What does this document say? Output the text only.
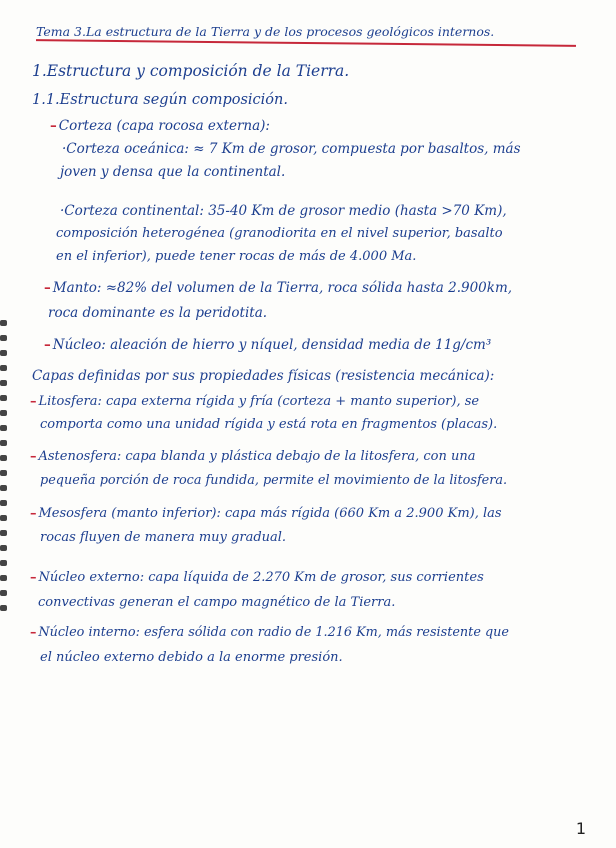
Tema 3.La estructura de la Tierra y de los procesos geológicos internos.
1.Estructura y composición de la Tierra.
1.1.Estructura según composición.
– Corteza (capa rocosa externa):
·Corteza oceánica: ≈ 7 Km de grosor, compuesta por basaltos, más
joven y densa que la continental.
·Corteza continental: 35-40 Km de grosor medio (hasta >70 Km),
composición heterogénea (granodiorita en el nivel superior, basalto
en el inferior), puede tener rocas de más de 4.000 Ma.
– Manto: ≈82% del volumen de la Tierra, roca sólida hasta 2.900km,
roca dominante es la peridotita.
– Núcleo: aleación de hierro y níquel, densidad media de 11g/cm³
Capas definidas por sus propiedades físicas (resistencia mecánica):
– Litosfera: capa externa rígida y fría (corteza + manto superior), se
comporta como una unidad rígida y está rota en fragmentos (placas).
– Astenosfera: capa blanda y plástica debajo de la litosfera, con una
pequeña porción de roca fundida, permite el movimiento de la litosfera.
– Mesosfera (manto inferior): capa más rígida (660 Km a 2.900 Km), las
rocas fluyen de manera muy gradual.
– Núcleo externo: capa líquida de 2.270 Km de grosor, sus corrientes
convectivas generan el campo magnético de la Tierra.
– Núcleo interno: esfera sólida con radio de 1.216 Km, más resistente que
el núcleo externo debido a la enorme presión.
1
